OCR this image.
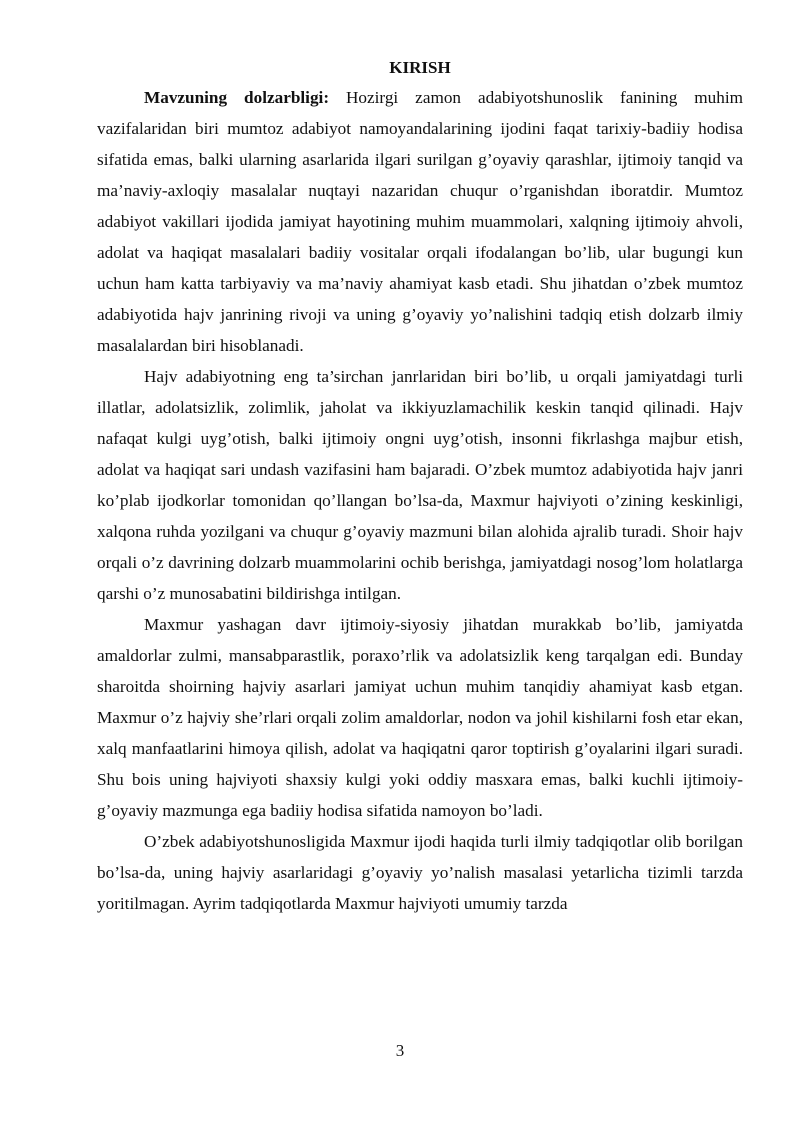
KIRISH

Mavzuning dolzarbligi: Hozirgi zamon adabiyotshunoslik fanining muhim vazifalaridan biri mumtoz adabiyot namoyandalarining ijodini faqat tarixiy-badiiy hodisa sifatida emas, balki ularning asarlarida ilgari surilgan g’oyaviy qarashlar, ijtimoiy tanqid va ma’naviy-axloqiy masalalar nuqtayi nazaridan chuqur o’rganishdan iboratdir. Mumtoz adabiyot vakillari ijodida jamiyat hayotining muhim muammolari, xalqning ijtimoiy ahvoli, adolat va haqiqat masalalari badiiy vositalar orqali ifodalangan bo’lib, ular bugungi kun uchun ham katta tarbiyaviy va ma’naviy ahamiyat kasb etadi. Shu jihatdan o’zbek mumtoz adabiyotida hajv janrining rivoji va uning g’oyaviy yo’nalishini tadqiq etish dolzarb ilmiy masalalardan biri hisoblanadi.

Hajv adabiyotning eng ta’sirchan janrlaridan biri bo’lib, u orqali jamiyatdagi turli illatlar, adolatsizlik, zolimlik, jaholat va ikkiyuzlamachilik keskin tanqid qilinadi. Hajv nafaqat kulgi uyg’otish, balki ijtimoiy ongni uyg’otish, insonni fikrlashga majbur etish, adolat va haqiqat sari undash vazifasini ham bajaradi. O’zbek mumtoz adabiyotida hajv janri ko’plab ijodkorlar tomonidan qo’llangan bo’lsa-da, Maxmur hajviyoti o’zining keskinligi, xalqona ruhda yozilgani va chuqur g’oyaviy mazmuni bilan alohida ajralib turadi. Shoir hajv orqali o’z davrining dolzarb muammolarini ochib berishga, jamiyatdagi nosog’lom holatlarga qarshi o’z munosabatini bildirishga intilgan.

Maxmur yashagan davr ijtimoiy-siyosiy jihatdan murakkab bo’lib, jamiyatda amaldorlar zulmi, mansabparastlik, poraxo’rlik va adolatsizlik keng tarqalgan edi. Bunday sharoitda shoirning hajviy asarlari jamiyat uchun muhim tanqidiy ahamiyat kasb etgan. Maxmur o’z hajviy she’rlari orqali zolim amaldorlar, nodon va johil kishilarni fosh etar ekan, xalq manfaatlarini himoya qilish, adolat va haqiqatni qaror toptirish g’oyalarini ilgari suradi. Shu bois uning hajviyoti shaxsiy kulgi yoki oddiy masxara emas, balki kuchli ijtimoiy-g’oyaviy mazmunga ega badiiy hodisa sifatida namoyon bo’ladi.

O’zbek adabiyotshunosligida Maxmur ijodi haqida turli ilmiy tadqiqotlar olib borilgan bo’lsa-da, uning hajviy asarlaridagi g’oyaviy yo’nalish masalasi yetarlicha tizimli tarzda yoritilmagan. Ayrim tadqiqotlarda Maxmur hajviyoti umumiy tarzda

3
